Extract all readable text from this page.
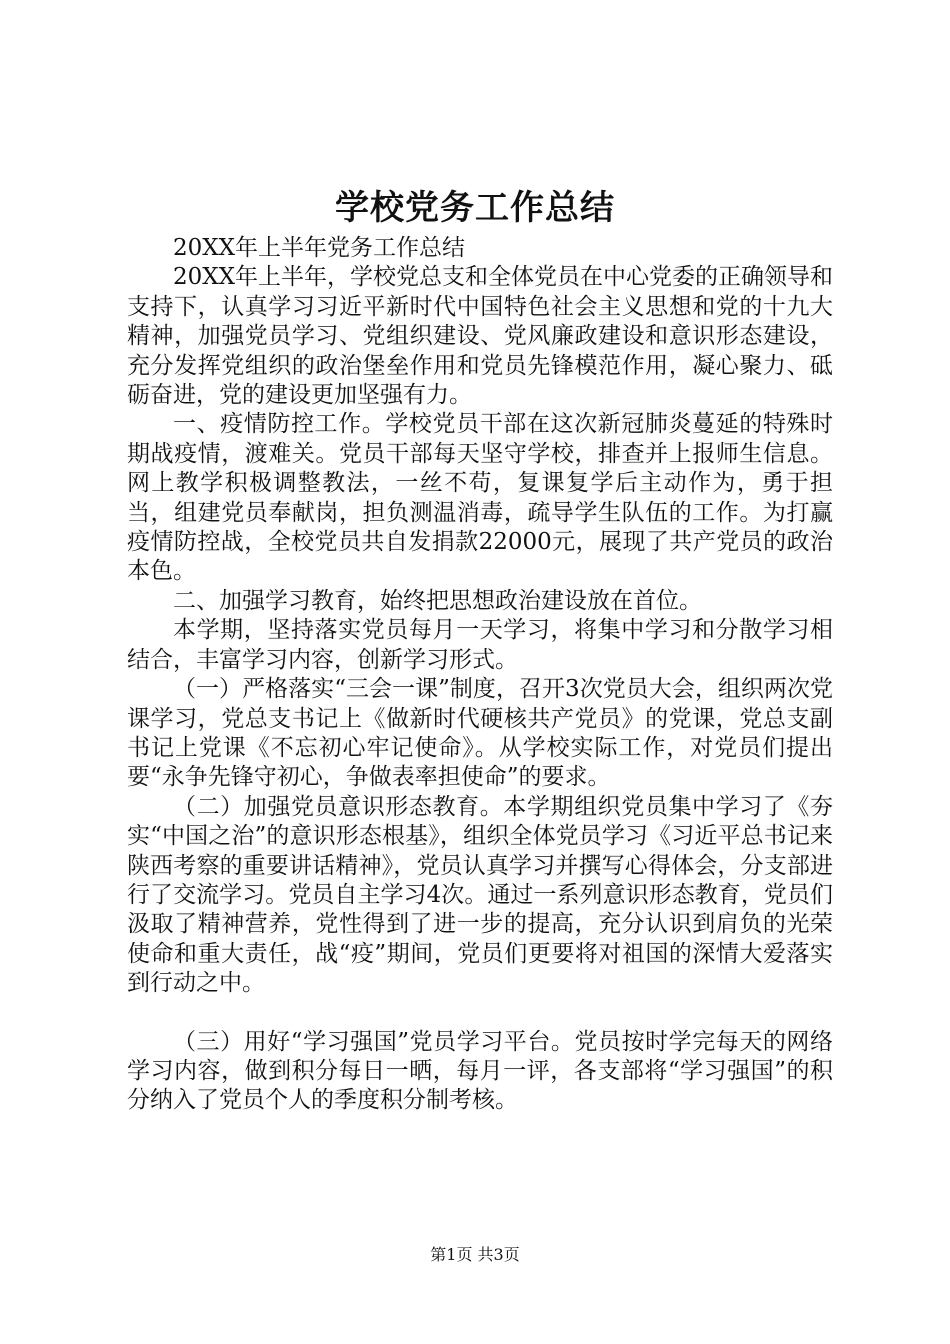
学校党务工作总结

20XX年上半年党务工作总结

20XX年上半年，学校党总支和全体党员在中心党委的正确领导和支持下，认真学习习近平新时代中国特色社会主义思想和党的十九大精神，加强党员学习、党组织建设、党风廉政建设和意识形态建设，充分发挥党组织的政治堡垒作用和党员先锋模范作用，凝心聚力、砥砺奋进，党的建设更加坚强有力。

一、疫情防控工作。学校党员干部在这次新冠肺炎蔓延的特殊时期战疫情，渡难关。党员干部每天坚守学校，排查并上报师生信息。网上教学积极调整教法，一丝不苟，复课复学后主动作为，勇于担当，组建党员奉献岗，担负测温消毒，疏导学生队伍的工作。为打赢疫情防控战，全校党员共自发捐款22000元，展现了共产党员的政治本色。

二、加强学习教育，始终把思想政治建设放在首位。

本学期，坚持落实党员每月一天学习，将集中学习和分散学习相结合，丰富学习内容，创新学习形式。

（一）严格落实“三会一课”制度，召开3次党员大会，组织两次党课学习，党总支书记上《做新时代硬核共产党员》的党课，党总支副书记上党课《不忘初心牢记使命》。从学校实际工作，对党员们提出要“永争先锋守初心，争做表率担使命”的要求。

（二）加强党员意识形态教育。本学期组织党员集中学习了《夯实“中国之治”的意识形态根基》，组织全体党员学习《习近平总书记来陕西考察的重要讲话精神》，党员认真学习并撰写心得体会，分支部进行了交流学习。党员自主学习4次。通过一系列意识形态教育，党员们汲取了精神营养，党性得到了进一步的提高，充分认识到肩负的光荣使命和重大责任，战“疫”期间，党员们更要将对祖国的深情大爱落实到行动之中。

（三）用好“学习强国”党员学习平台。党员按时学完每天的网络学习内容，做到积分每日一晒，每月一评，各支部将“学习强国”的积分纳入了党员个人的季度积分制考核。

第1页 共3页
